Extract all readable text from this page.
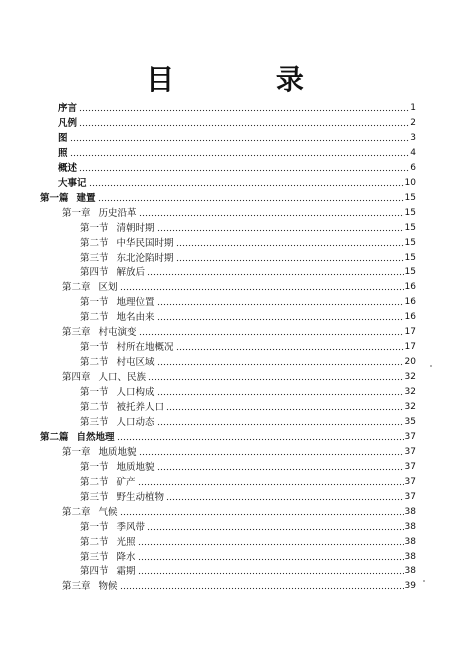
目 录
序言	1
凡例	2
图	3
照	4
概述	6
大事记	10
第一篇 建置	15
第一章 历史沿革	15
第一节 清朝时期	15
第二节 中华民国时期	15
第三节 东北沦陷时期	15
第四节 解放后	15
第二章 区划	16
第一节 地理位置	16
第二节 地名由来	16
第三章 村屯演变	17
第一节 村所在地概况	17
第二节 村屯区域	20
第四章 人口、民族	32
第一节 人口构成	32
第二节 被托养人口	32
第三节 人口动态	35
第二篇 自然地理	37
第一章 地质地貌	37
第一节 地质地貌	37
第二节 矿产	37
第三节 野生动植物	37
第二章 气候	38
第一节 季风带	38
第二节 光照	38
第三节 降水	38
第四节 霜期	38
第三章 物候	39
